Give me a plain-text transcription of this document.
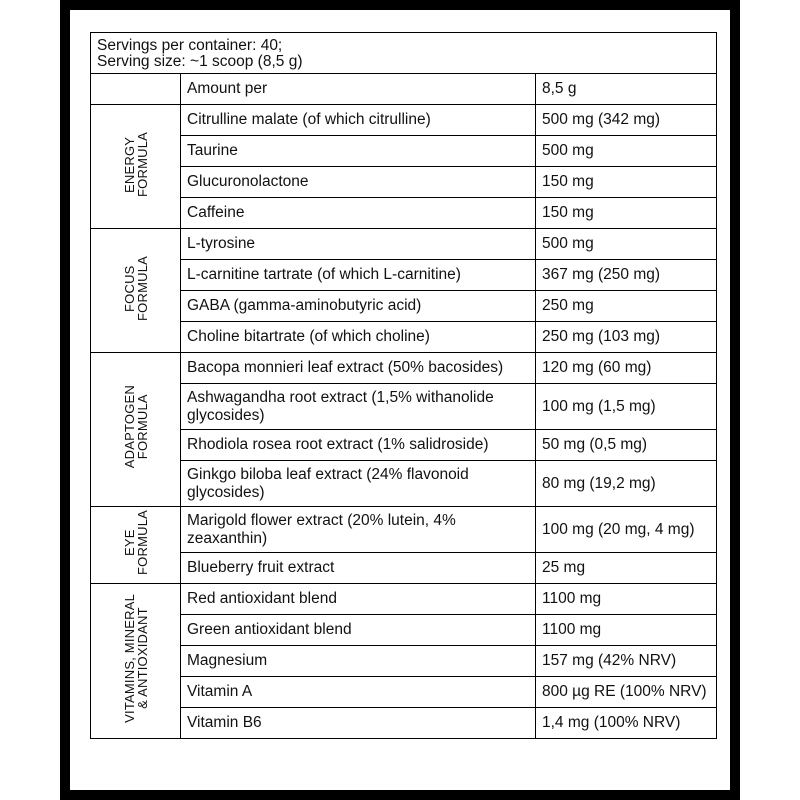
Servings per container: 40;
Serving size: ~1 scoop (8,5 g)		

	Amount per	8,5 g

ENERGY
FORMULA	Citrulline malate (of which citrulline)	500 mg (342 mg)
	Taurine	500 mg
	Glucuronolactone	150 mg
	Caffeine	150 mg

FOCUS
FORMULA	L-tyrosine	500 mg
	L-carnitine tartrate (of which L-carnitine)	367 mg (250 mg)
	GABA (gamma-aminobutyric acid)	250 mg
	Choline bitartrate (of which choline)	250 mg (103 mg)

ADAPTOGEN
FORMULA	Bacopa monnieri leaf extract (50% bacosides)	120 mg (60 mg)
	Ashwagandha root extract (1,5% withanolide glycosides)	100 mg (1,5 mg)
	Rhodiola rosea root extract (1% salidroside)	50 mg (0,5 mg)
	Ginkgo biloba leaf extract (24% flavonoid glycosides)	80 mg (19,2 mg)

EYE
FORMULA	Marigold flower extract (20% lutein, 4% zeaxanthin)	100 mg (20 mg, 4 mg)
	Blueberry fruit extract	25 mg

VITAMINS, MINERAL
& ANTIOXIDANT	Red antioxidant blend	1100 mg
	Green antioxidant blend	1100 mg
	Magnesium	157 mg (42% NRV)
	Vitamin A	800 µg RE (100% NRV)
	Vitamin B6	1,4 mg (100% NRV)
